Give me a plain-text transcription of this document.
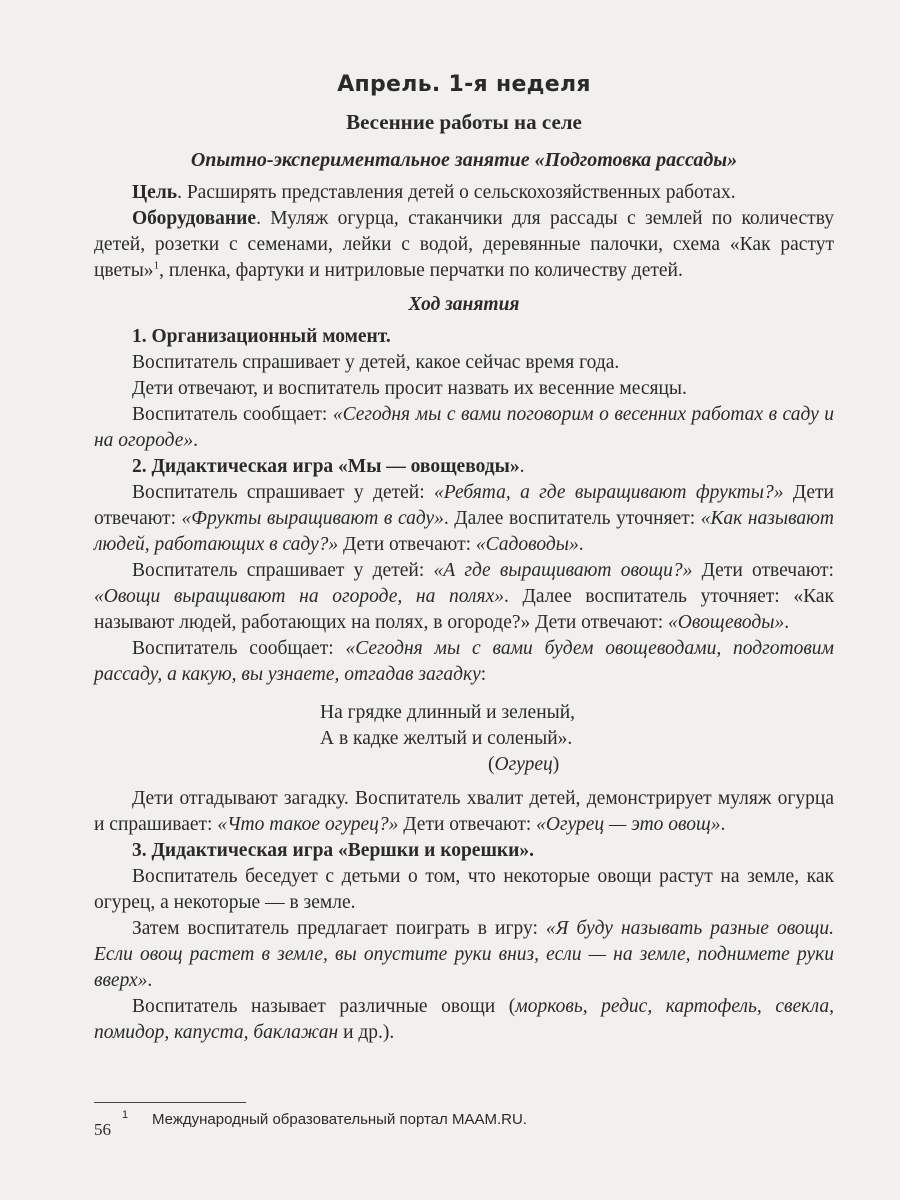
Апрель. 1-я неделя
Весенние работы на селе
Опытно-экспериментальное занятие «Подготовка рассады»

Цель. Расширять представления детей о сельскохозяйственных работах.

Оборудование. Муляж огурца, стаканчики для рассады с землей по количеству детей, розетки с семенами, лейки с водой, деревянные палочки, схема «Как растут цветы»$^1$, пленка, фартуки и нитриловые перчатки по количеству детей.

Ход занятия

1. Организационный момент.

Воспитатель спрашивает у детей, какое сейчас время года.

Дети отвечают, и воспитатель просит назвать их весенние месяцы.

Воспитатель сообщает: «Сегодня мы с вами поговорим о весенних работах в саду и на огороде».

2. Дидактическая игра «Мы — овощеводы».

Воспитатель спрашивает у детей: «Ребята, а где выращивают фрукты?» Дети отвечают: «Фрукты выращивают в саду». Далее воспитатель уточняет: «Как называют людей, работающих в саду?» Дети отвечают: «Садоводы».

Воспитатель спрашивает у детей: «А где выращивают овощи?» Дети отвечают: «Овощи выращивают на огороде, на полях». Далее воспитатель уточняет: «Как называют людей, работающих на полях, в огороде?» Дети отвечают: «Овощеводы».

Воспитатель сообщает: «Сегодня мы с вами будем овощеводами, подготовим рассаду, а какую, вы узнаете, отгадав загадку:

На грядке длинный и зеленый,
А в кадке желтый и соленый».
(Огурец)

Дети отгадывают загадку. Воспитатель хвалит детей, демонстрирует муляж огурца и спрашивает: «Что такое огурец?» Дети отвечают: «Огурец — это овощ».

3. Дидактическая игра «Вершки и корешки».

Воспитатель беседует с детьми о том, что некоторые овощи растут на земле, как огурец, а некоторые — в земле.

Затем воспитатель предлагает поиграть в игру: «Я буду называть разные овощи. Если овощ растет в земле, вы опустите руки вниз, если — на земле, поднимете руки вверх».

Воспитатель называет различные овощи (морковь, редис, картофель, свекла, помидор, капуста, баклажан и др.).

1 Международный образовательный портал MAAM.RU.
56
